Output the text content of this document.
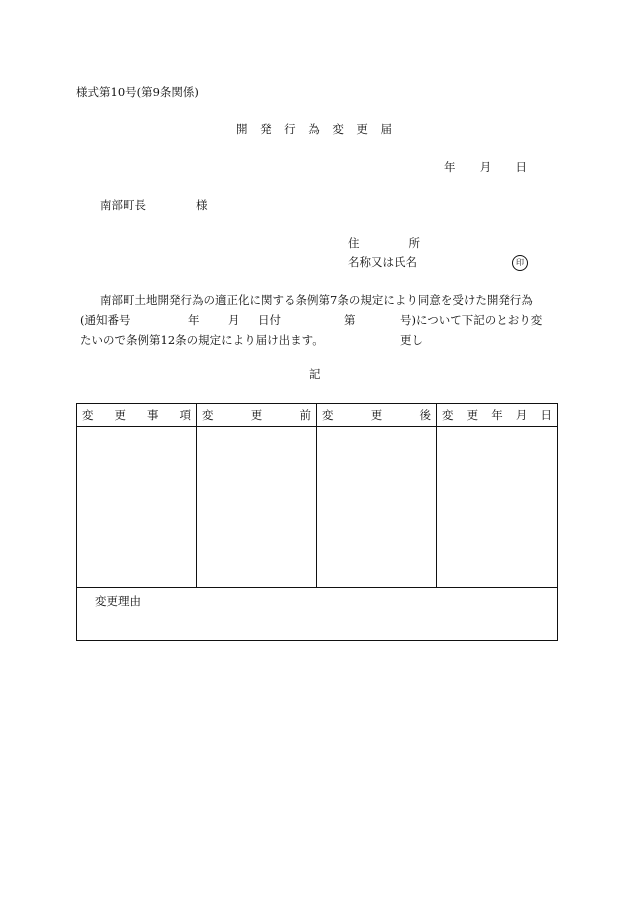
様式第10号(第9条関係)
開 発 行 為 変 更 届
年 月 日
南部町長	様
住	所
名称又は氏名	印
南部町土地開発行為の適正化に関する条例第7条の規定により同意を受けた開発行為
(通知番号	年 月 日付	第	号)について下記のとおり変更し
たいので条例第12条の規定により届け出ます。
記
変 更 事 項	変 更 前	変 更 後	変 更 年 月 日

変更理由			
